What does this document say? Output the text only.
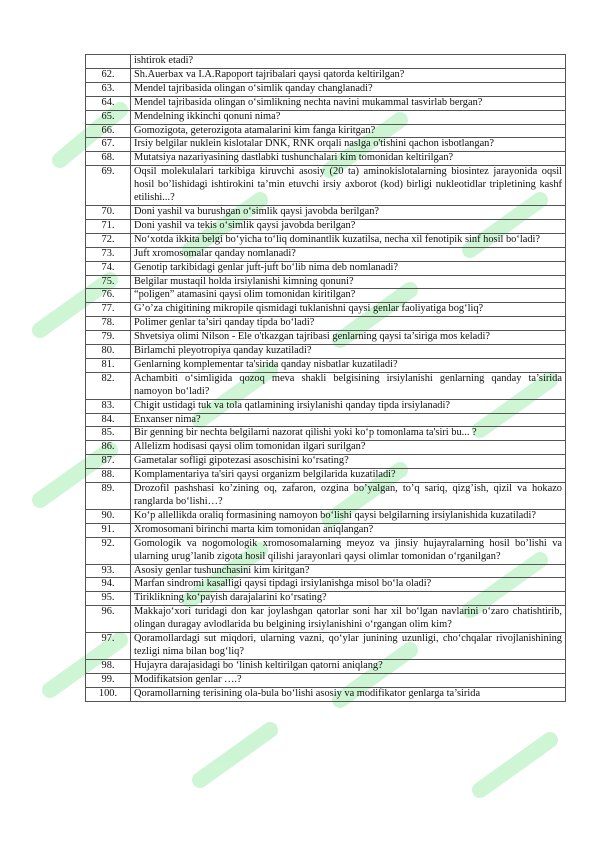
	ishtirok etadi?
62.	Sh.Auerbax va I.A.Rapoport tajribalari qaysi qatorda keltirilgan?
63.	Mendel tajribasida olingan o‘simlik qanday changlanadi?
64.	Mendel tajribasida olingan o‘simlikning nechta navini mukammal tasvirlab bergan?
65.	Mendelning ikkinchi qonuni nima?
66.	Gomozigota, geterozigota atamalarini kim fanga kiritgan?
67.	Irsiy belgilar nuklein kislotalar DNK, RNK orqali naslga o'tishini qachon isbotlangan?
68.	Mutatsiya nazariyasining dastlabki tushunchalari kim tomonidan keltirilgan?
69.	Oqsil molekulalari tarkibiga kiruvchi asosiy (20 ta) aminokislotalarning biosintez jarayonida oqsil hosil bo’lishidagi ishtirokini ta’min etuvchi irsiy axborot (kod) birligi nukleotidlar tripletining kashf etilishi...?
70.	Doni yashil va burushgan o‘simlik qaysi javobda berilgan?
71.	Doni yashil va tekis o‘simlik qaysi javobda berilgan?
72.	No‘xotda ikkita belgi bo‘yicha to‘liq dominantlik kuzatilsa, necha xil fenotipik sinf hosil bo‘ladi?
73.	Juft xromosomalar qanday nomlanadi?
74.	Genotip tarkibidagi genlar juft-juft bo‘lib nima deb nomlanadi?
75.	Belgilar mustaqil holda irsiylanishi kimning qonuni?
76.	“poligen” atamasini qaysi olim tomonidan kiritilgan?
77.	G’o’za chigitining mikropile qismidagi tuklanishni qaysi genlar faoliyatiga bog‘liq?
78.	Polimer genlar ta’siri qanday tipda bo‘ladi?
79.	Shvetsiya olimi Nilson - Ele o'tkazgan tajribasi genlarning qaysi ta’siriga mos keladi?
80.	Birlamchi pleyotropiya qanday kuzatiladi?
81.	Genlarning komplementar ta'sirida qanday nisbatlar kuzatiladi?
82.	Achambiti o‘simligida qozoq meva shakli belgisining irsiylanishi genlarning qanday ta’sirida namoyon bo‘ladi?
83.	Chigit ustidagi tuk va tola qatlamining irsiylanishi qanday tipda irsiylanadi?
84.	Enxanser nima?
85.	Bir genning bir nechta belgilarni nazorat qilishi yoki ko‘p tomonlama ta'siri bu... ?
86.	Allelizm hodisasi qaysi olim tomonidan ilgari surilgan?
87.	Gametalar sofligi gipotezasi asoschisini ko‘rsating?
88.	Komplamentariya ta'siri qaysi organizm belgilarida kuzatiladi?
89.	Drozofil pashshasi ko’zining oq, zafaron, ozgina bo’yalgan, to’q sariq, qizg’ish, qizil va hokazo ranglarda bo‘lishi…?
90.	Ko‘p allellikda oraliq formasining namoyon bo‘lishi qaysi belgilarning irsiylanishida kuzatiladi?
91.	Xromosomani birinchi marta kim tomonidan aniqlangan?
92.	Gomologik va nogomologik xromosomalarning meyoz va jinsiy hujayralarning hosil bo’lishi va ularning urug’lanib zigota hosil qilishi jarayonlari qaysi olimlar tomonidan o‘rganilgan?
93.	Asosiy genlar tushunchasini kim kiritgan?
94.	Marfan sindromi kasalligi qaysi tipdagi irsiylanishga misol bo‘la oladi?
95.	Tiriklikning ko‘payish darajalarini ko‘rsating?
96.	Makkajo‘xori turidagi don kar joylashgan qatorlar soni har xil bo‘lgan navlarini o‘zaro chatishtirib, olingan duragay avlodlarida bu belgining irsiylanishini o‘rgangan olim kim?
97.	Qoramollardagi sut miqdori, ularning vazni, qo‘ylar junining uzunligi, cho‘chqalar rivojlanishining tezligi nima bilan bog‘liq?
98.	Hujayra darajasidagi bo ‘linish keltirilgan qatorni aniqlang?
99.	Modifikatsion genlar ….?
100.	Qoramollarning terisining ola-bula bo‘lishi asosiy va modifikator genlarga ta’sirida
